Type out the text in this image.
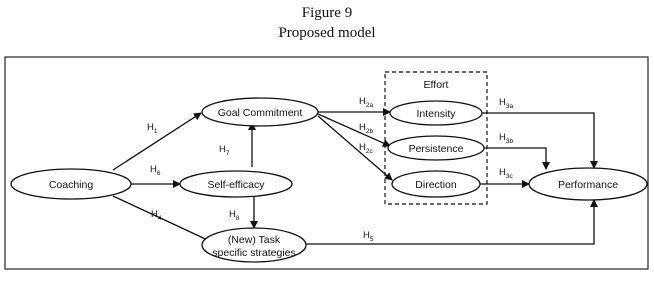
Figure 9
Proposed model
Effort
Coaching
Goal Commitment
Self-efficacy
(New) Task
specific strategies
Intensity
Persistence
Direction	Performance
$H_1$
$H_6$
$H_4$
$H_7$
$H_8$
$H_{2a}$
$H_{2b}$
$H_{2c}$
$H_{3a}$
$H_{3b}$
$H_{3c}$
$H_5$
